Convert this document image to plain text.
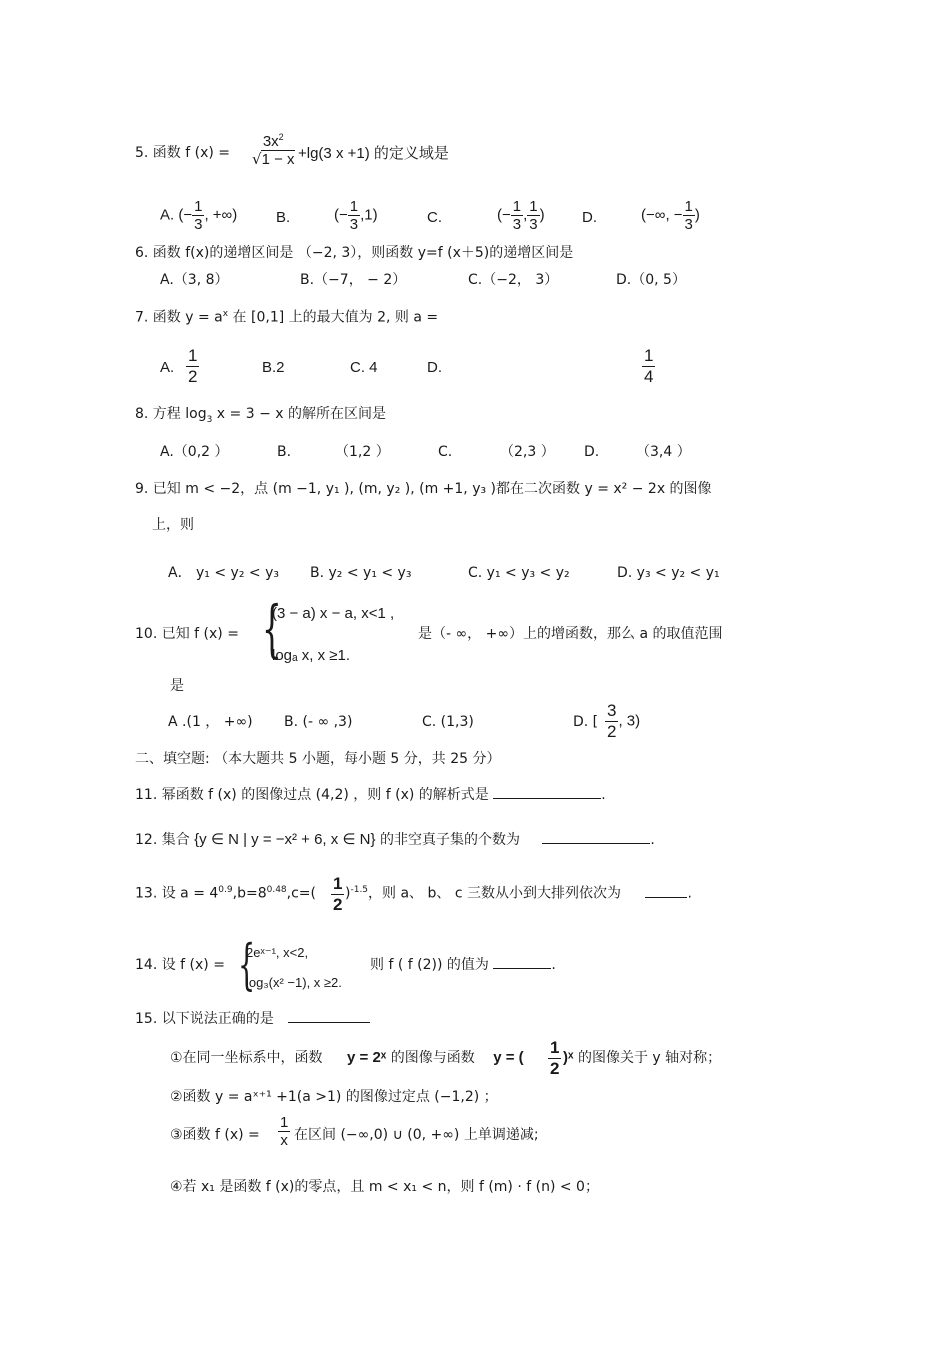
5. 函数 f $(x) = \frac{3x^2}{√1 - x} +\lg(3$ x +1) 的定义域是
A. (− $\frac{1}{3}$ , +∞)	B.	(− $\frac{1}{3} ,1$)	C.	(− $\frac{1}{3}$ , $\frac{1}{3}$ ) D.	(−∞, − $\frac{1}{3}$ )
6. 函数 f(x)的递增区间是 （−2, 3），则函数 y=f (x＋5)的递增区间是
A.（3, 8）	B.（−7， − 2）	C.（−2， 3）	D.（0, 5）
7. 函数 $y = a^x$ 在 [0,1] 上的最大值为 2, 则 a =
A. $\frac{1}{2}$	B.2	C. 4	D.	$\frac{1}{4}$
8. 方程 $\log_3 x = 3 - x$ 的解所在区间是
A.（0,2 ）	B.	（1,2 ）	C.	（2,3 ） D.	（3,4 ）
9. 已知 m < −2，点 (m −1, y₁ ), (m, y₂ ), (m +1, y₃ )都在二次函数 y = x² − 2x 的图像
上，则
A． y₁ < y₂ < y₃ B. y₂ < y₁ < y₃	C. y₁ < y₃ < y₂	D. y₃ < y₂ < y₁
10. 已知 f (x) = {
(3 − a) x − a, x<1 ,
logₐ x, x ≥1.
是（- ∞， +∞）上的增函数，那么 a 的取值范围
是
A .(1 ， +∞) B. (- ∞ ,3)	C. (1,3)	D. [ $\frac{3}{2}$ , 3)
二、填空题: （本大题共 5 小题，每小题 5 分，共 25 分）
11. 幂函数 f (x) 的图像过点 (4,2) ，则 f (x) 的解析式是	.
12. 集合 {y ∈ N | y = −x² + 6, x ∈ N} 的非空真子集的个数为	.
13. 设 $a = 4^{0.9},b=8^{0.48},c=( \frac{1}{2} )^{-1.5}$，则 a、 b、 c 三数从小到大排列依次为	.
14. 设 f (x) = {
2eˣ⁻¹, x<2,
log₃(x² −1), x ≥2.
则 f ( f (2)) 的值为	.
15. 以下说法正确的是
①在同一坐标系中，函数 y = 2ˣ 的图像与函数 y = ( $\frac{1}{2}$ )ˣ 的图像关于 y 轴对称；
②函数 y = aˣ⁺¹ +1(a >1) 的图像过定点 (−1,2) ；
③函数 f $(x) = \frac{1}{x}$ 在区间 (−∞,0) ∪ (0, +∞) 上单调递减;
④若 x₁ 是函数 f (x)的零点，且 m < x₁ < n，则 f (m) · f (n) < 0；
